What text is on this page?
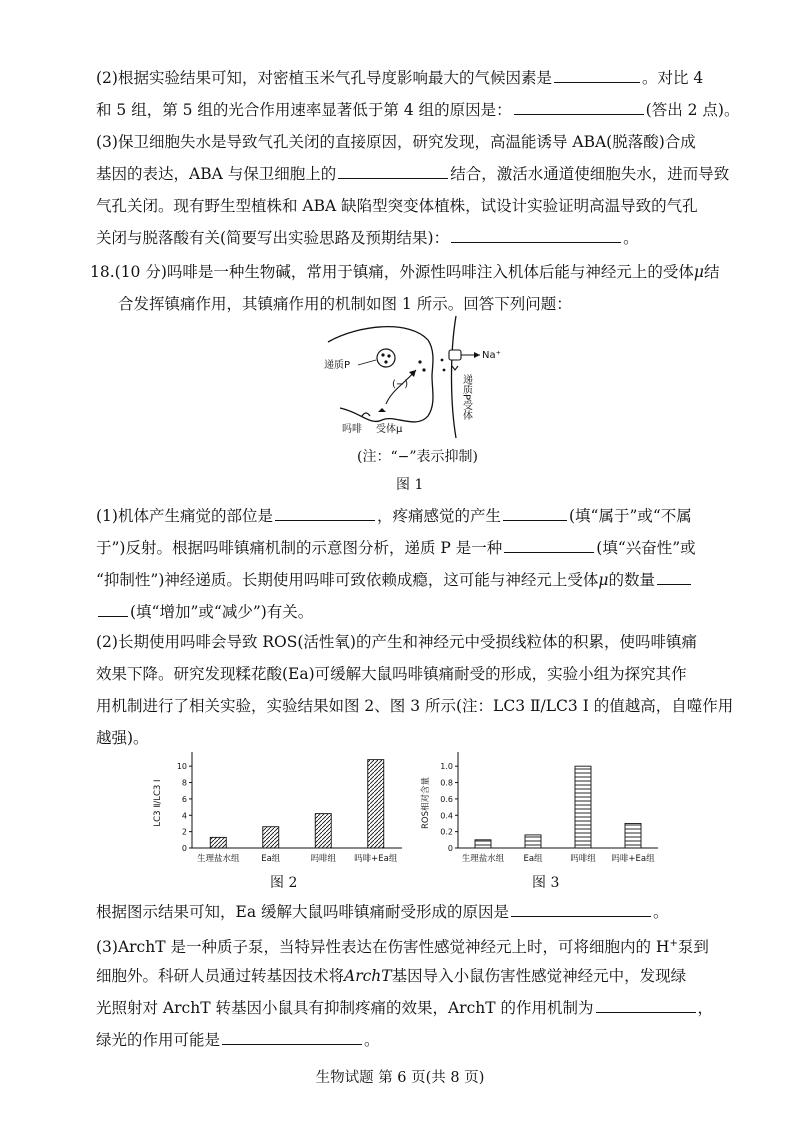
(2)根据实验结果可知，对密植玉米气孔导度影响最大的气候因素是	。对比 4
和 5 组，第 5 组的光合作用速率显著低于第 4 组的原因是：	(答出 2 点)。
(3)保卫细胞失水是导致气孔关闭的直接原因，研究发现，高温能诱导 ABA(脱落酸)合成
基因的表达，ABA 与保卫细胞上的	结合，激活水通道使细胞失水，进而导致
气孔关闭。现有野生型植株和 ABA 缺陷型突变体植株，试设计实验证明高温导致的气孔
关闭与脱落酸有关(简要写出实验思路及预期结果)：	。
18.(10 分)吗啡是一种生物碱，常用于镇痛，外源性吗啡注入机体后能与神经元上的受体μ结
合发挥镇痛作用，其镇痛作用的机制如图 1 所示。回答下列问题：
递质P
(−)
Na⁺
吗啡 受体μ
递质P受体
(注：“−”表示抑制)
图 1
(1)机体产生痛觉的部位是	，疼痛感觉的产生	(填“属于”或“不属
于”)反射。根据吗啡镇痛机制的示意图分析，递质 P 是一种	(填“兴奋性”或
“抑制性”)神经递质。长期使用吗啡可致依赖成瘾，这可能与神经元上受体μ的数量
(填“增加”或“减少”)有关。
(2)长期使用吗啡会导致 ROS(活性氧)的产生和神经元中受损线粒体的积累，使吗啡镇痛
效果下降。研究发现糅花酸(Ea)可缓解大鼠吗啡镇痛耐受的形成，实验小组为探究其作
用机制进行了相关实验，实验结果如图 2、图 3 所示(注：LC3 Ⅱ/LC3 Ⅰ 的值越高，自噬作用
越强)。
0
2
4
6
8
10
LC3 Ⅱ/LC3 Ⅰ
生理盐水组	Ea组	吗啡组 吗啡+Ea组
0
0.2
0.4
0.6
0.8
1.0
ROS相对含量
生理盐水组 Ea组	吗啡组 吗啡+Ea组
图 2	图 3
根据图示结果可知，Ea 缓解大鼠吗啡镇痛耐受形成的原因是	。
(3)ArchT 是一种质子泵，当特异性表达在伤害性感觉神经元上时，可将细胞内的 H+泵到
细胞外。科研人员通过转基因技术将ArchT基因导入小鼠伤害性感觉神经元中，发现绿
光照射对 ArchT 转基因小鼠具有抑制疼痛的效果，ArchT 的作用机制为	，
绿光的作用可能是	。
生物试题 第 6 页(共 8 页)
